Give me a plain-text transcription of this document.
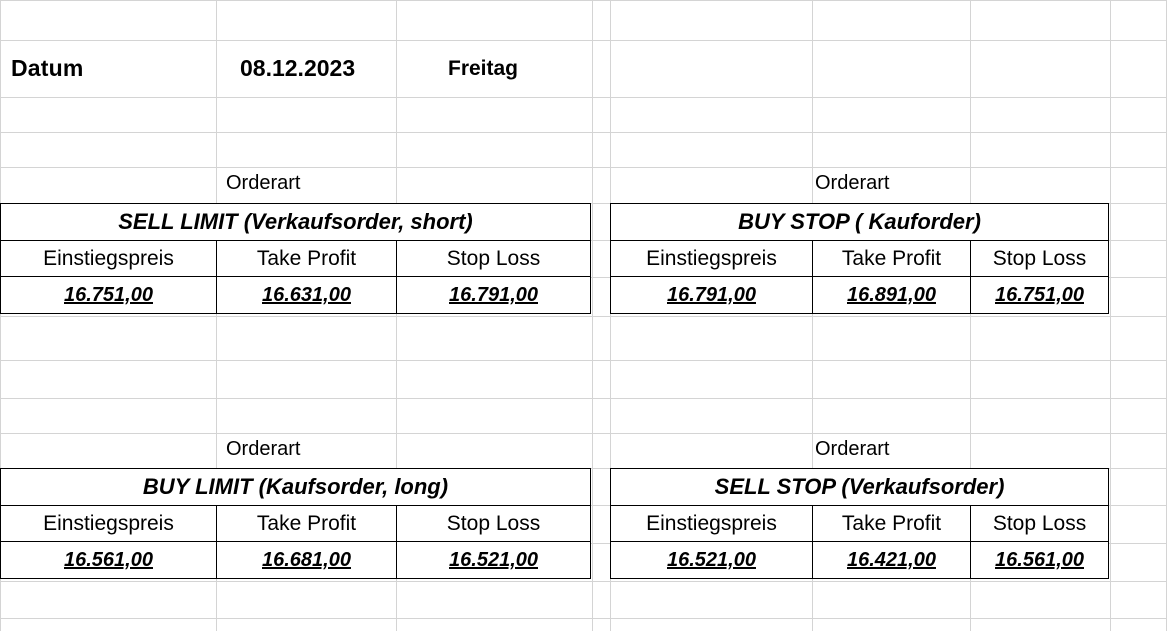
Datum	08.12.2023	Freitag
Orderart
SELL LIMIT (Verkaufsorder, short)		
Einstiegspreis	Take Profit	Stop Loss
16.751,00	16.631,00	16.791,00
Orderart
BUY STOP ( Kauforder)		
Einstiegspreis	Take Profit	Stop Loss
16.791,00	16.891,00	16.751,00
Orderart
BUY LIMIT (Kaufsorder, long)		
Einstiegspreis	Take Profit	Stop Loss
16.561,00	16.681,00	16.521,00
Orderart
SELL STOP (Verkaufsorder)		
Einstiegspreis	Take Profit	Stop Loss
16.521,00	16.421,00	16.561,00
